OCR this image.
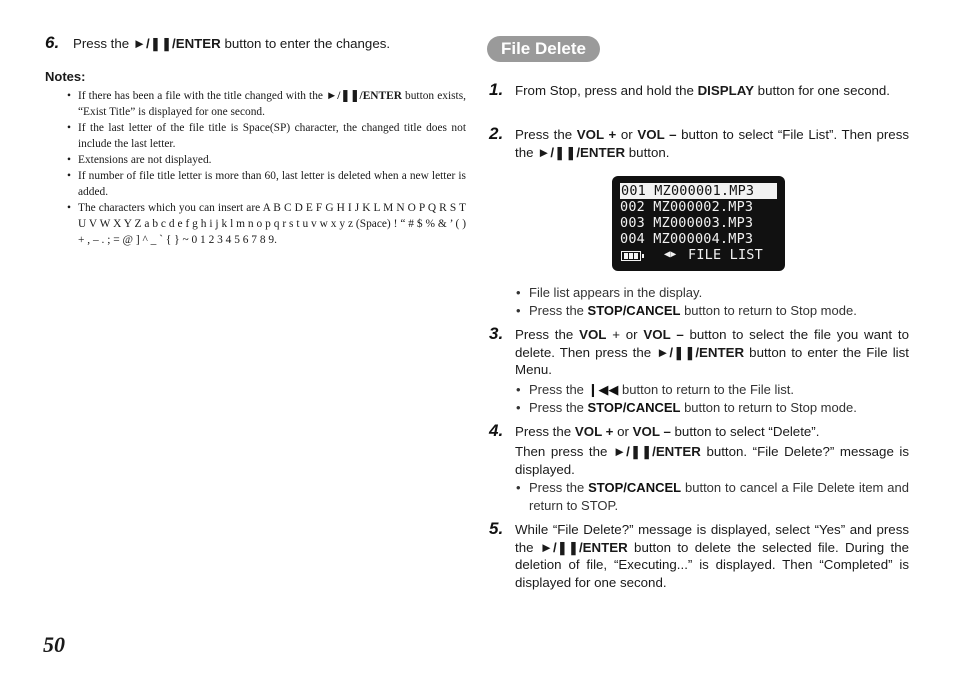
6. Press the ►/❚❚/ENTER button to enter the changes.
Notes:
• If there has been a file with the title changed with the ►/❚❚/ENTER button exists, “Exist Title” is displayed for one second.
• If the last letter of the file title is Space(SP) character, the changed title does not include the last letter.
• Extensions are not displayed.
• If number of file title letter is more than 60, last letter is deleted when a new letter is added.
• The characters which you can insert are A B C D E F G H I J K L M N O P Q R S T U V W X Y Z a b c d e f g h i j k l m n o p q r s t u v w x y z (Space) ! “ # $ % & ’ ( ) + , – . ; = @ ] ^ _ ` { } ~ 0 1 2 3 4 5 6 7 8 9.
File Delete
1. From Stop, press and hold the DISPLAY button for one second.
2. Press the VOL + or VOL – button to select “File List”. Then press the ►/❚❚/ENTER button.
001 MZ000001.MP3
002 MZ000002.MP3
003 MZ000003.MP3
004 MZ000004.MP3
◀▶ FILE LIST
• File list appears in the display.
• Press the STOP/CANCEL button to return to Stop mode.
3. Press the VOL + or VOL – button to select the file you want to delete. Then press the ►/❚❚/ENTER button to enter the File list Menu.
• Press the ❙◀◀ button to return to the File list.
• Press the STOP/CANCEL button to return to Stop mode.
4. Press the VOL + or VOL – button to select “Delete”.
Then press the ►/❚❚/ENTER button. “File Delete?” message is displayed.
• Press the STOP/CANCEL button to cancel a File Delete item and return to STOP.
5. While “File Delete?” message is displayed, select “Yes” and press the ►/❚❚/ENTER button to delete the selected file. During the deletion of file, “Executing...” is displayed. Then “Completed” is displayed for one second.
50
